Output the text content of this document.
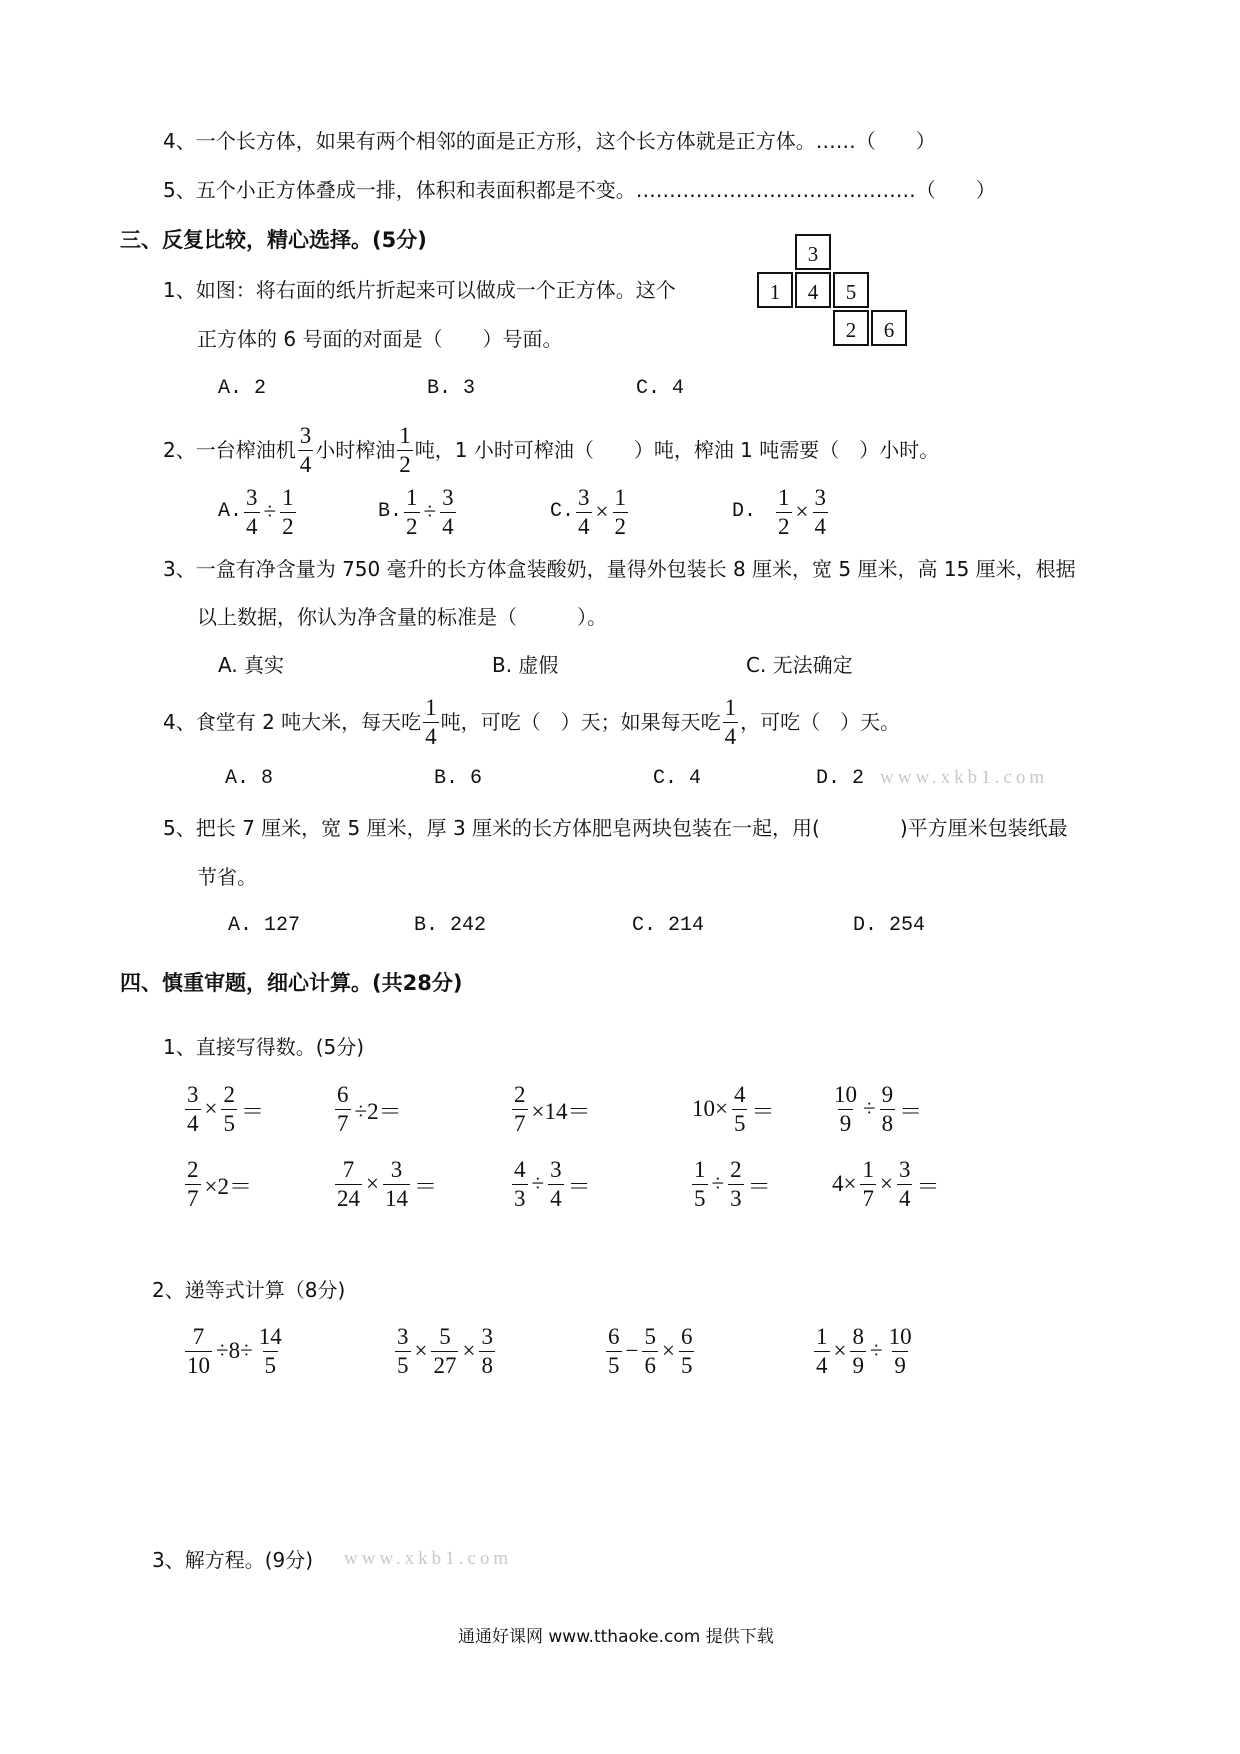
4、一个长方体，如果有两个相邻的面是正方形，这个长方体就是正方体。……（　　）
5、五个小正方体叠成一排，体积和表面积都是不变。……………………………………（　　）
三、反复比较，精心选择。(5分)
1、如图：将右面的纸片折起来可以做成一个正方体。这个
正方体的 6 号面的对面是（　　）号面。
3
1	4	5
2	6
A. 2	B. 3	C. 4
2、一台榨油机 $\frac{3}{4}$ 小时榨油 $\frac{1}{2}$ 吨，1 小时可榨油（　　）吨，榨油 1 吨需要（　）小时。
A. $\frac{3}{4} \div \frac{1}{2}$	B. $\frac{1}{2} \div \frac{3}{4}$	C. $\frac{3}{4} \times \frac{1}{2}$	D. $\frac{1}{2} \times \frac{3}{4}$
3、一盒有净含量为 750 毫升的长方体盒装酸奶，量得外包装长 8 厘米，宽 5 厘米，高 15 厘米，根据
以上数据，你认为净含量的标准是（　　　）。
A. 真实	B. 虚假	C. 无法确定
4、食堂有 2 吨大米，每天吃 $\frac{1}{4}$ 吨，可吃（　）天；如果每天吃 $\frac{1}{4}$ ，可吃（　）天。
A. 8	B. 6	C. 4	D. 2 www.xkb1.com
5、把长 7 厘米，宽 5 厘米，厚 3 厘米的长方体肥皂两块包装在一起，用(　　　　)平方厘米包装纸最
节省。
A. 127	B. 242	C. 214	D. 254
四、慎重审题，细心计算。(共28分)
1、直接写得数。(5分)
2、递等式计算（8分)
3、解方程。(9分) www.xkb1.com
通通好课网 www.tthaoke.com 提供下载
$\frac{3}{4} \times \frac{2}{5}$ ＝	$\frac{6}{7} \div 2=$	$\frac{2}{7} \times 14=$	$10\times \frac{4}{5}$ ＝	$\frac{10}{9} \div \frac{9}{8}$ ＝
$\frac{2}{7} \times 2=$	$\frac{7}{24} \times \frac{3}{14}$ ＝	$\frac{4}{3} \div \frac{3}{4}$ ＝	$\frac{1}{5} \div \frac{2}{3}$ ＝	$4\times \frac{1}{7} \times \frac{3}{4}$ ＝
$\frac{7}{10} \div 8\div \frac{14}{5}$	$\frac{3}{5} \times \frac{5}{27} \times \frac{3}{8}$	$\frac{6}{5} - \frac{5}{6} \times \frac{6}{5}$	$\frac{1}{4} \times \frac{8}{9} \div \frac{10}{9}$
